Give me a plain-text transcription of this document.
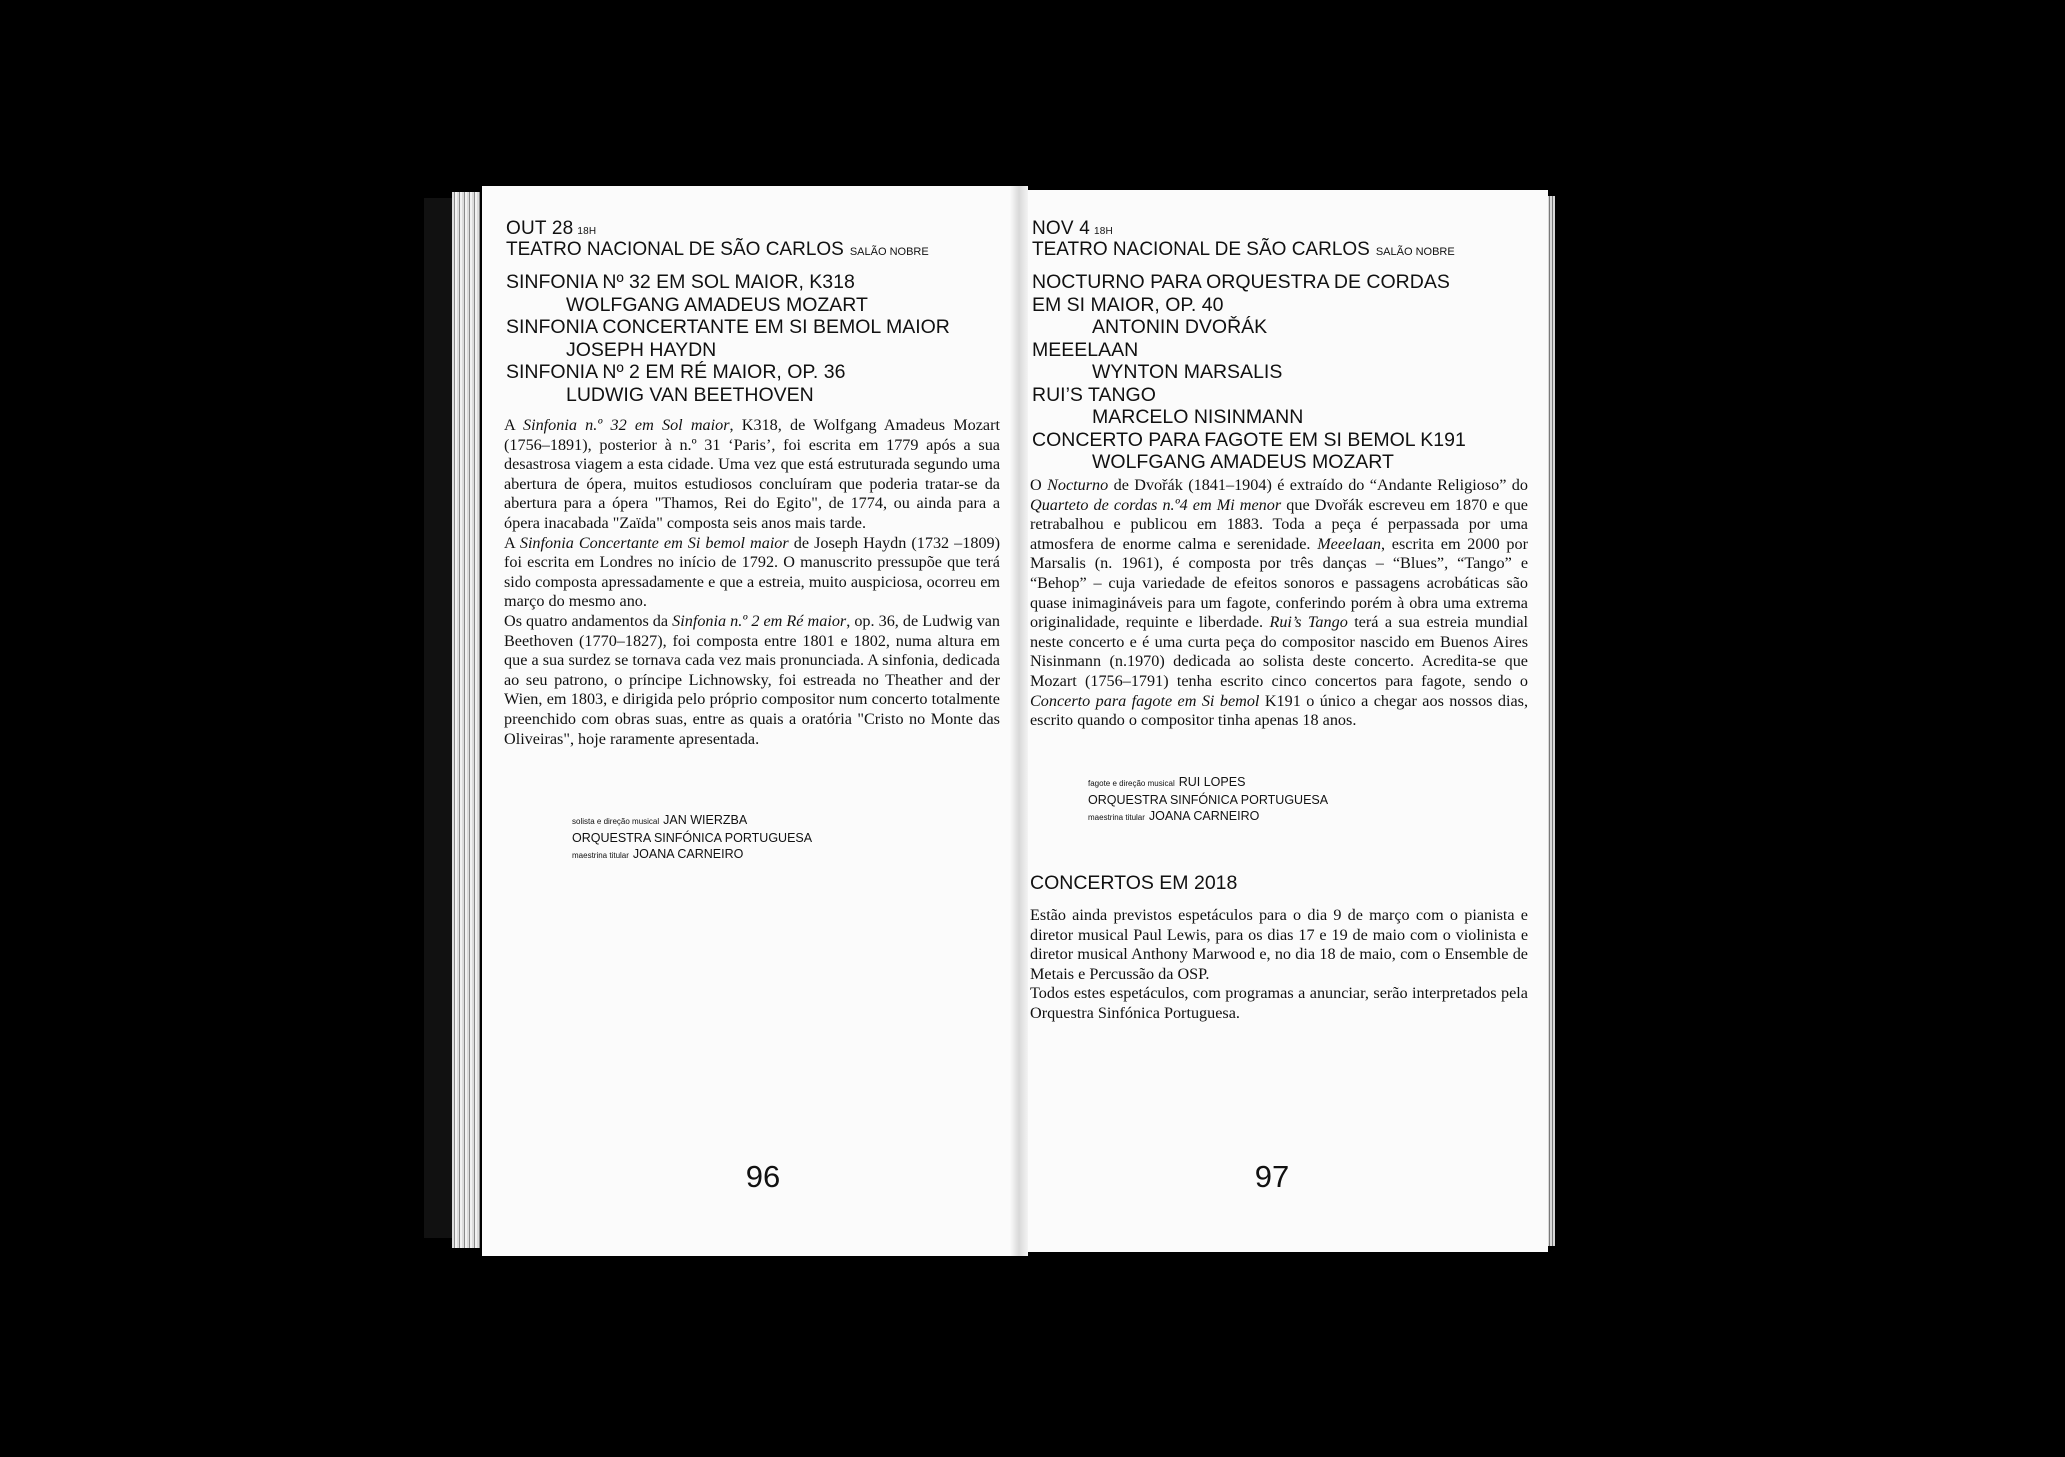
OUT 28 18H
TEATRO NACIONAL DE SÃO CARLOS SALÃO NOBRE
SINFONIA Nº 32 EM SOL MAIOR, K318
WOLFGANG AMADEUS MOZART
SINFONIA CONCERTANTE EM SI BEMOL MAIOR
JOSEPH HAYDN
SINFONIA Nº 2 EM RÉ MAIOR, OP. 36
LUDWIG VAN BEETHOVEN

A Sinfonia n.º 32 em Sol maior, K318, de Wolfgang Amadeus Mozart (1756–1891), posterior à n.º 31 ‘Paris’, foi escrita em 1779 após a sua desastrosa viagem a esta cidade. Uma vez que está estruturada segundo uma abertura de ópera, muitos estudiosos concluíram que poderia tratar-se da abertura para a ópera "Thamos, Rei do Egito", de 1774, ou ainda para a ópera inacabada "Zaïda" composta seis anos mais tarde.

A Sinfonia Concertante em Si bemol maior de Joseph Haydn (1732 –1809) foi escrita em Londres no início de 1792. O manuscrito pressupõe que terá sido composta apressadamente e que a estreia, muito auspiciosa, ocorreu em março do mesmo ano.

Os quatro andamentos da Sinfonia n.º 2 em Ré maior, op. 36, de Ludwig van Beethoven (1770–1827), foi composta entre 1801 e 1802, numa altura em que a sua surdez se tornava cada vez mais pronunciada. A sinfonia, dedicada ao seu patrono, o príncipe Lichnowsky, foi estreada no Theather and der Wien, em 1803, e dirigida pelo próprio compositor num concerto totalmente preenchido com obras suas, entre as quais a oratória "Cristo no Monte das Oliveiras", hoje raramente apresentada.

solista e direção musical JAN WIERZBA
ORQUESTRA SINFÓNICA PORTUGUESA
maestrina titular JOANA CARNEIRO
96
NOV 4 18H
TEATRO NACIONAL DE SÃO CARLOS SALÃO NOBRE
NOCTURNO PARA ORQUESTRA DE CORDAS
EM SI MAIOR, OP. 40
ANTONIN DVOŘÁK
MEEELAAN
WYNTON MARSALIS
RUI’S TANGO
MARCELO NISINMANN
CONCERTO PARA FAGOTE EM SI BEMOL K191
WOLFGANG AMADEUS MOZART

O Nocturno de Dvořák (1841–1904) é extraído do “Andante Religioso” do Quarteto de cordas n.º4 em Mi menor que Dvořák escreveu em 1870 e que retrabalhou e publicou em 1883. Toda a peça é perpassada por uma atmosfera de enorme calma e serenidade. Meeelaan, escrita em 2000 por Marsalis (n. 1961), é composta por três danças – “Blues”, “Tango” e “Behop” – cuja variedade de efeitos sonoros e passagens acrobáticas são quase inimagináveis para um fagote, conferindo porém à obra uma extrema originalidade, requinte e liberdade. Rui’s Tango terá a sua estreia mundial neste concerto e é uma curta peça do compositor nascido em Buenos Aires Nisinmann (n.1970) dedicada ao solista deste concerto. Acredita-se que Mozart (1756–1791) tenha escrito cinco concertos para fagote, sendo o Concerto para fagote em Si bemol K191 o único a chegar aos nossos dias, escrito quando o compositor tinha apenas 18 anos.

fagote e direção musical RUI LOPES
ORQUESTRA SINFÓNICA PORTUGUESA
maestrina titular JOANA CARNEIRO
CONCERTOS EM 2018

Estão ainda previstos espetáculos para o dia 9 de março com o pianista e diretor musical Paul Lewis, para os dias 17 e 19 de maio com o violinista e diretor musical Anthony Marwood e, no dia 18 de maio, com o Ensemble de Metais e Percussão da OSP.

Todos estes espetáculos, com programas a anunciar, serão interpretados pela Orquestra Sinfónica Portuguesa.

97
